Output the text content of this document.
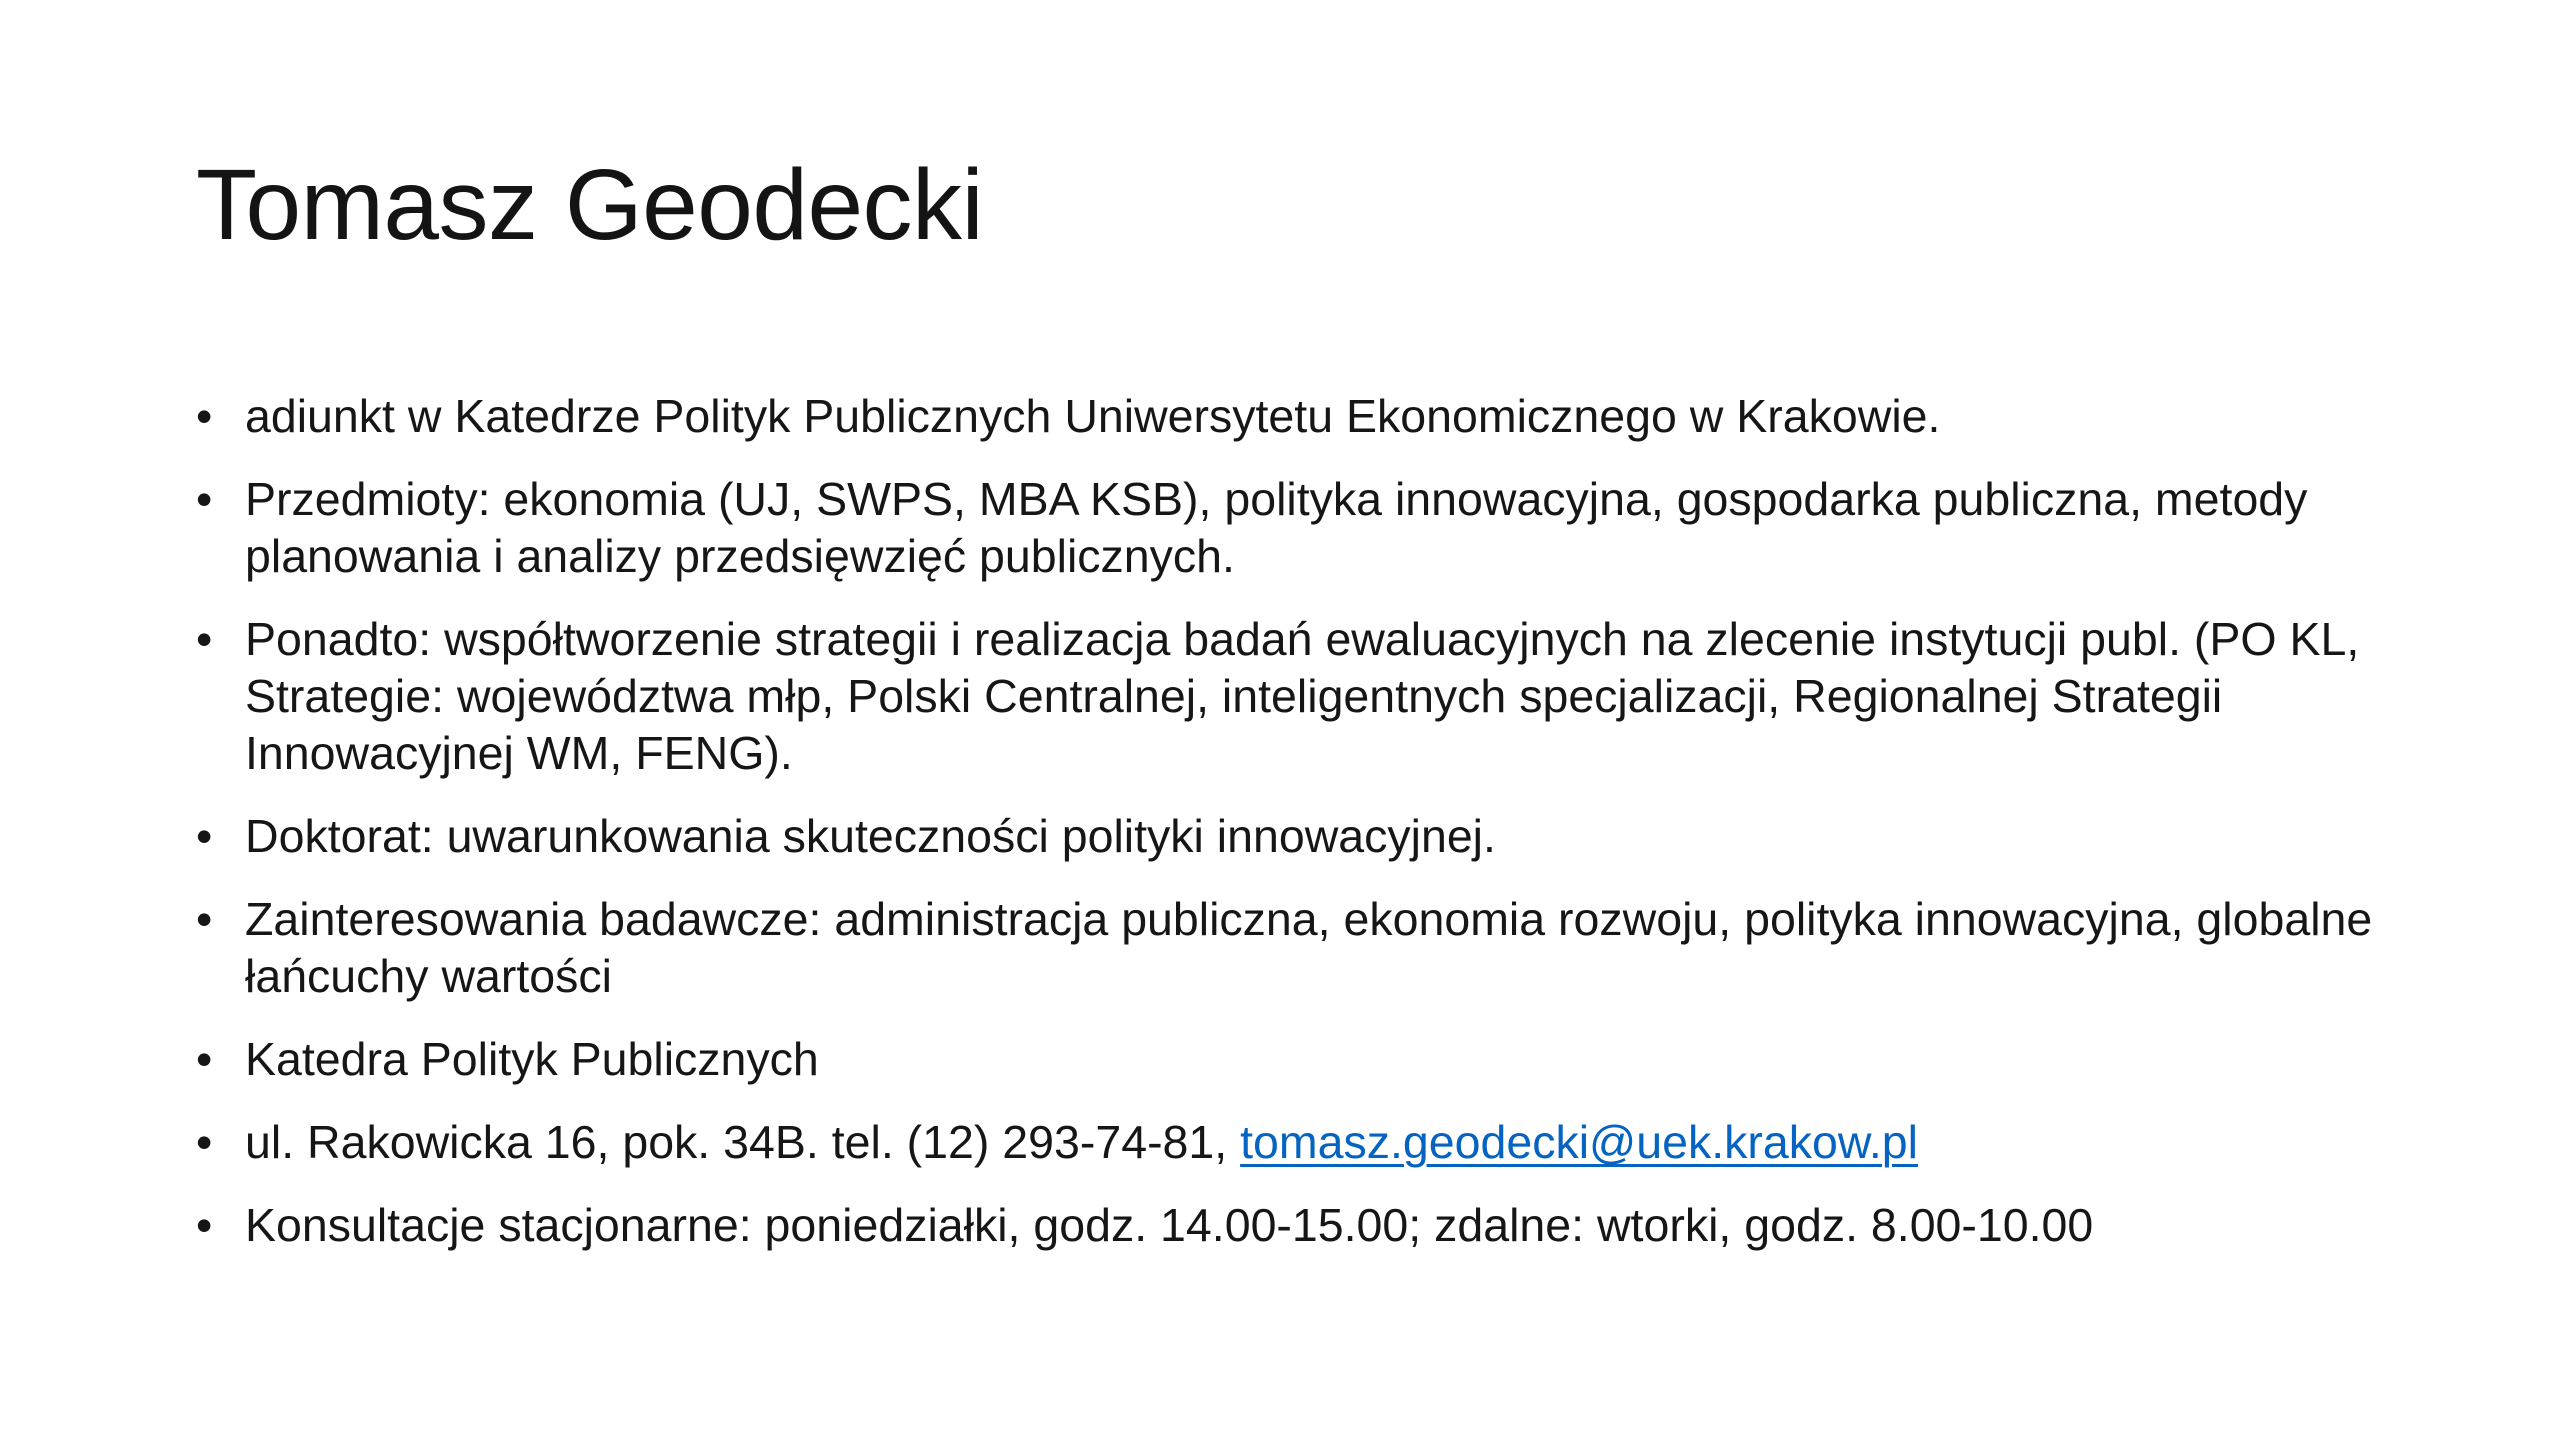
Tomasz Geodecki
•
adiunkt w Katedrze Polityk Publicznych Uniwersytetu Ekonomicznego w Krakowie.
•
Przedmioty: ekonomia (UJ, SWPS, MBA KSB), polityka innowacyjna, gospodarka publiczna, metody planowania i analizy przedsięwzięć publicznych.
•
Ponadto: współtworzenie strategii i realizacja badań ewaluacyjnych na zlecenie instytucji publ. (PO KL, Strategie: województwa młp, Polski Centralnej, inteligentnych specjalizacji, Regionalnej Strategii Innowacyjnej WM, FENG).
•
Doktorat: uwarunkowania skuteczności polityki innowacyjnej.
•
Zainteresowania badawcze: administracja publiczna, ekonomia rozwoju, polityka innowacyjna, globalne łańcuchy wartości
•
Katedra Polityk Publicznych
•
ul. Rakowicka 16, pok. 34B. tel. (12) 293-74-81, tomasz.geodecki@uek.krakow.pl
•
Konsultacje stacjonarne: poniedziałki, godz. 14.00-15.00; zdalne: wtorki, godz. 8.00-10.00
